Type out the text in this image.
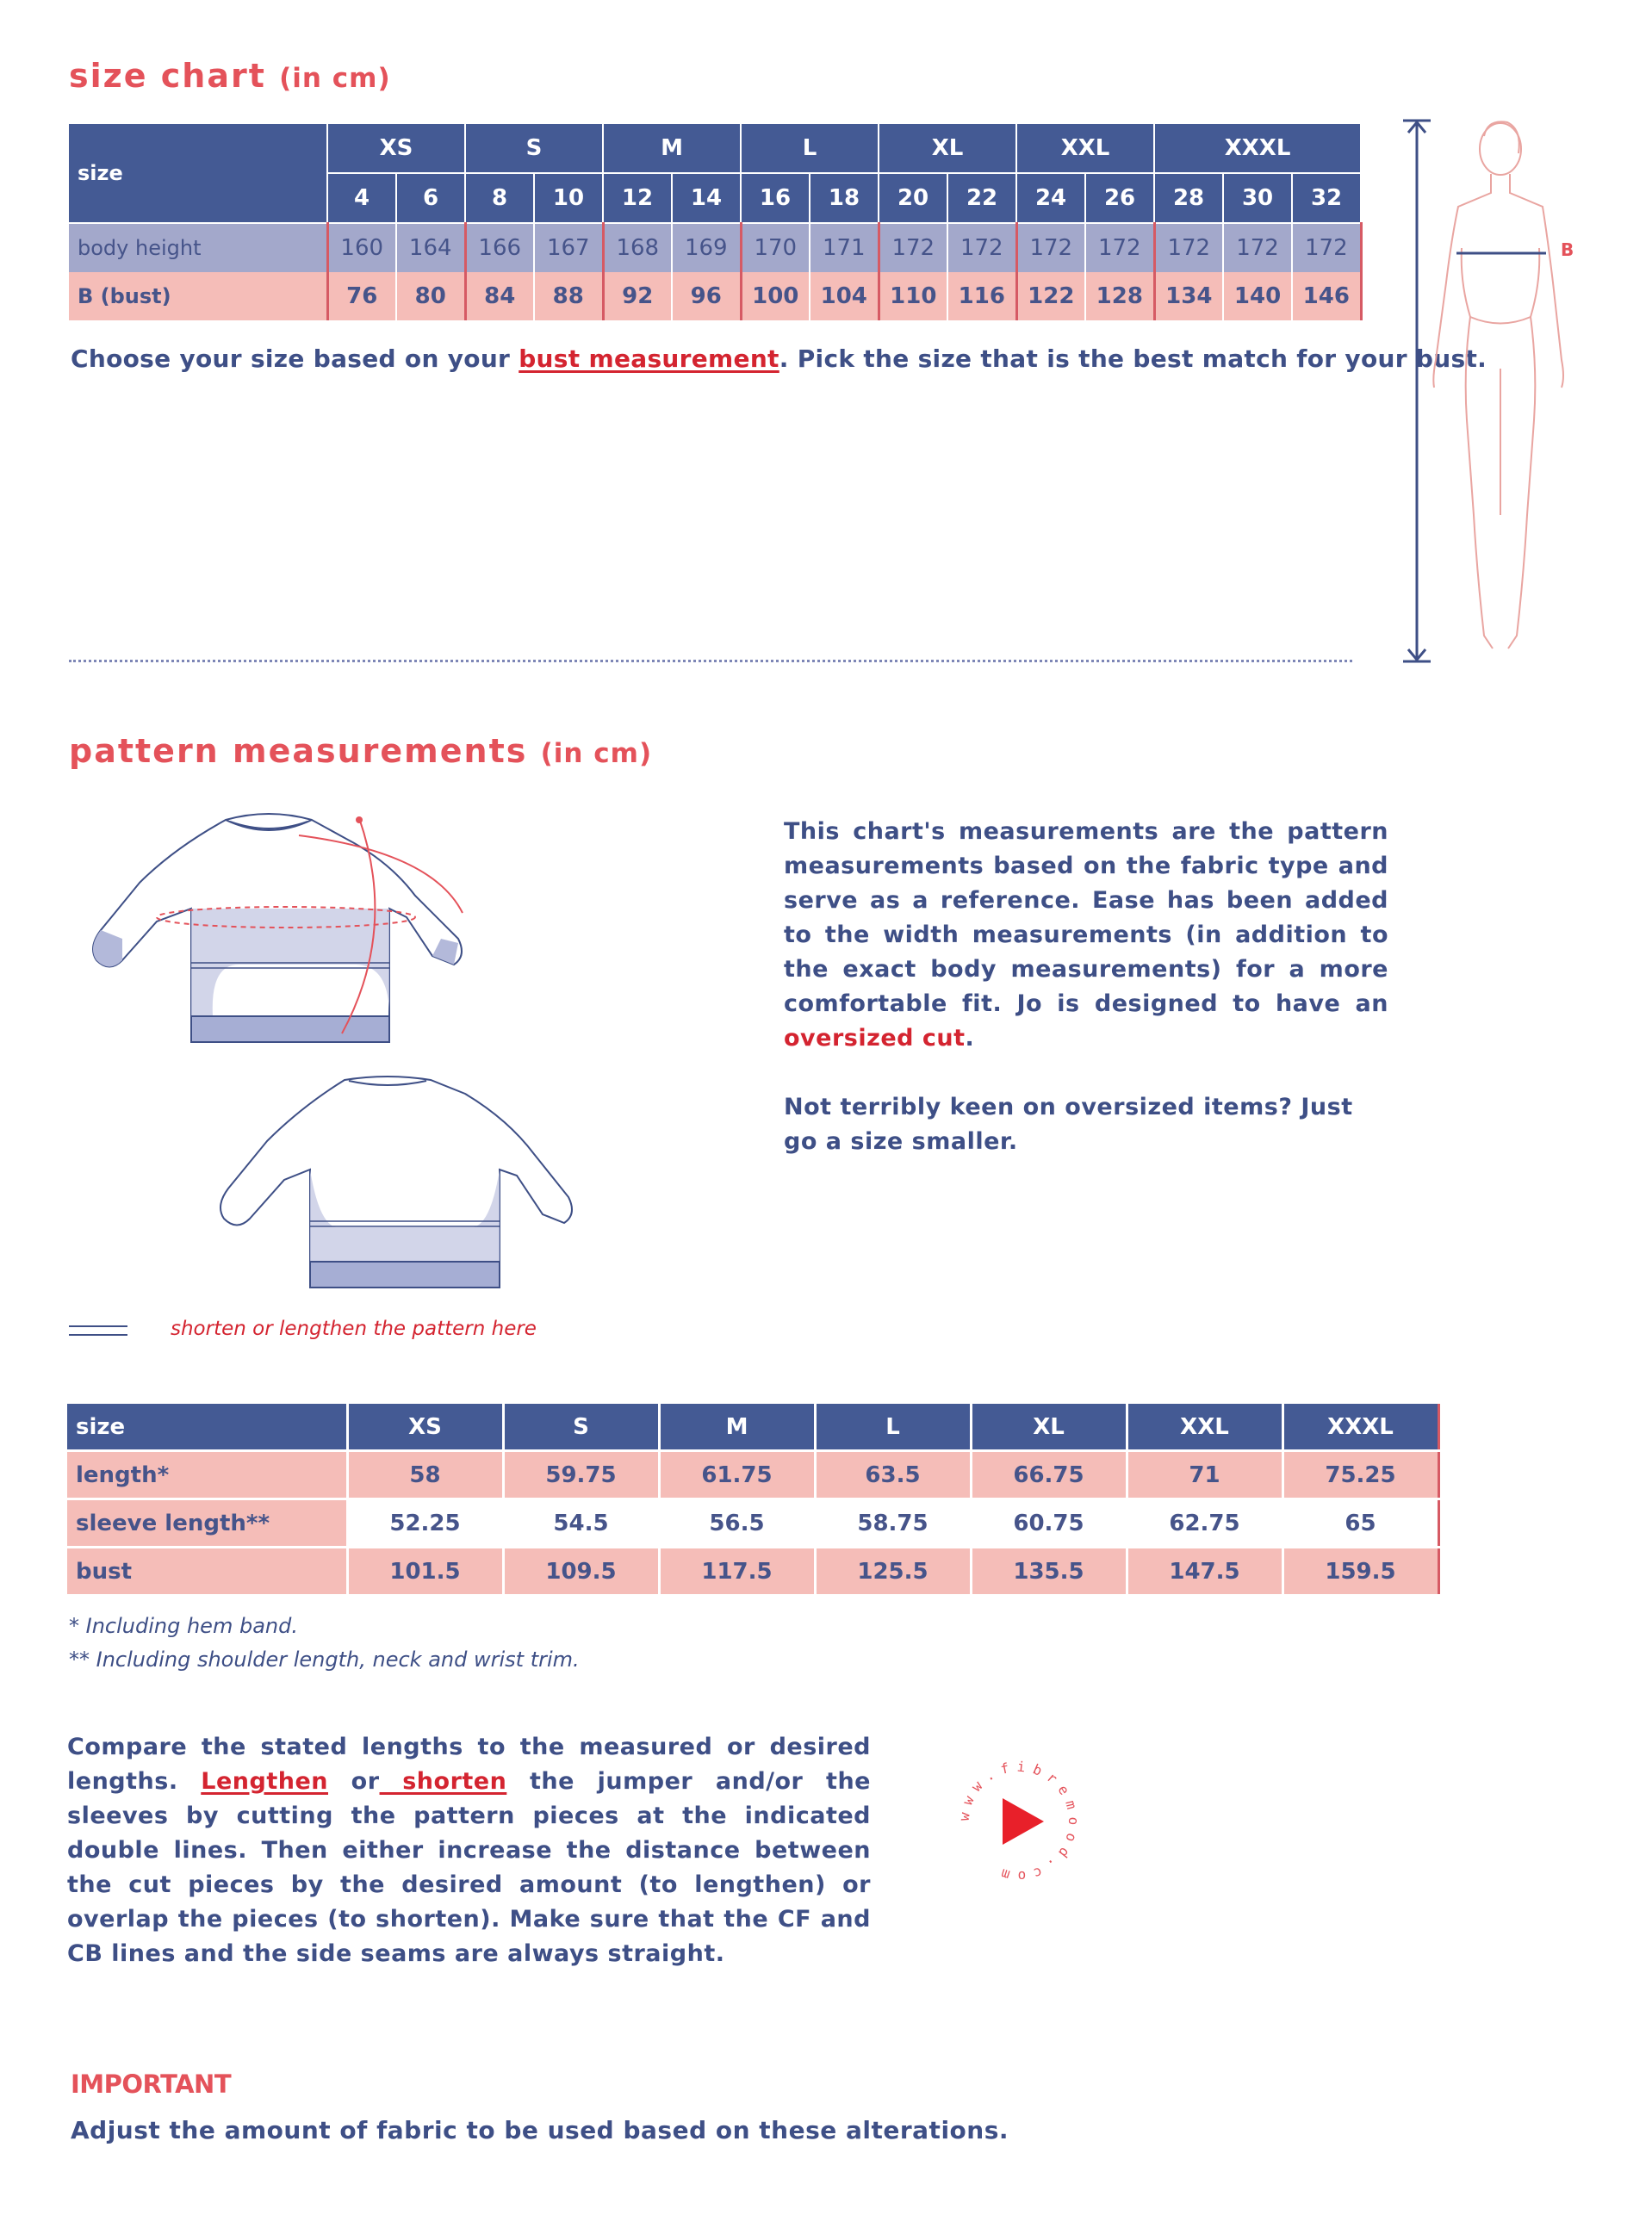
size chart (in cm)
size	XS		S		M		L		XL		XXL		XXXL		
	4	6	8	10	12	14	16	18	20	22	24	26	28	30	32
body height	160	164	166	167	168	169	170	171	172	172	172	172	172	172	172
B (bust)	76	80	84	88	92	96	100	104	110	116	122	128	134	140	146
Choose your size based on your bust measurement. Pick the size that is the best match for your bust.
B
pattern measurements (in cm)
shorten or lengthen the pattern here
This chart's measurements are the pattern measurements based on the fabric type and serve as a reference. Ease has been added to the width measurements (in addition to the exact body measurements) for a more comfortable fit. Jo is designed to have an oversized cut.
Not terribly keen on oversized items? Just go a size smaller.
size	XS	S	M	L	XL	XXL	XXXL
length*	58	59.75	61.75	63.5	66.75	71	75.25
sleeve length**	52.25	54.5	56.5	58.75	60.75	62.75	65
bust	101.5	109.5	117.5	125.5	135.5	147.5	159.5
* Including hem band.
** Including shoulder length, neck and wrist trim.
Compare the stated lengths to the measured or desired lengths. Lengthen or shorten the jumper and/or the sleeves by cutting the pattern pieces at the indicated double lines. Then either increase the distance between the cut pieces by the desired amount (to lengthen) or overlap the pieces (to shorten). Make sure that the CF and CB lines and the side seams are always straight.
www.fibremood.com
IMPORTANT
Adjust the amount of fabric to be used based on these alterations.
